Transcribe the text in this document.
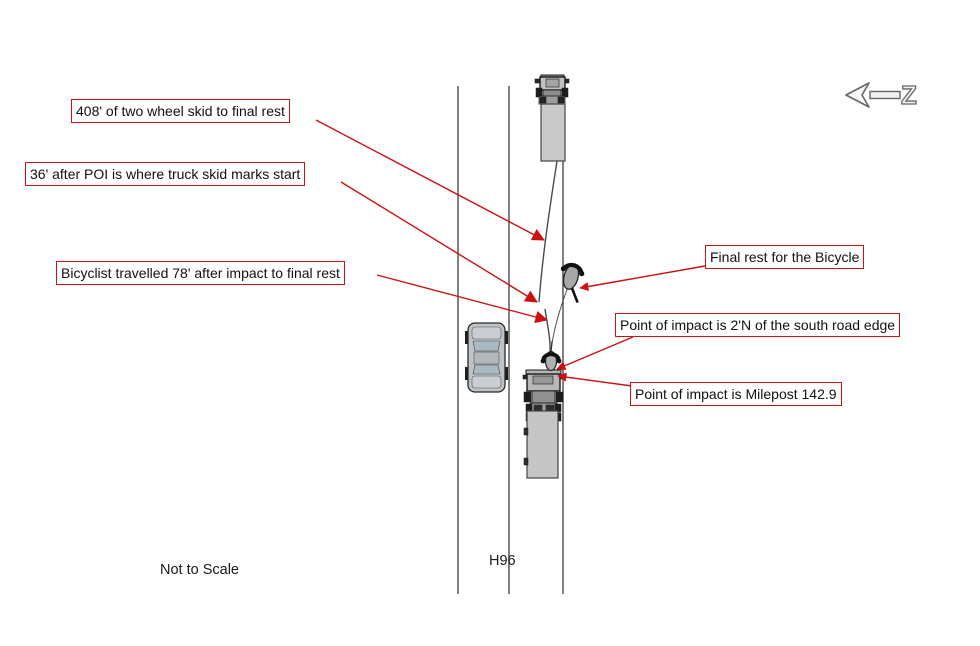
Z
408' of two wheel skid to final rest
36' after POI is where truck skid marks start
Bicyclist travelled 78' after impact to final rest
Final rest for the Bicycle
Point of impact is 2'N of the south road edge
Point of impact is Milepost 142.9
H96
Not to Scale
